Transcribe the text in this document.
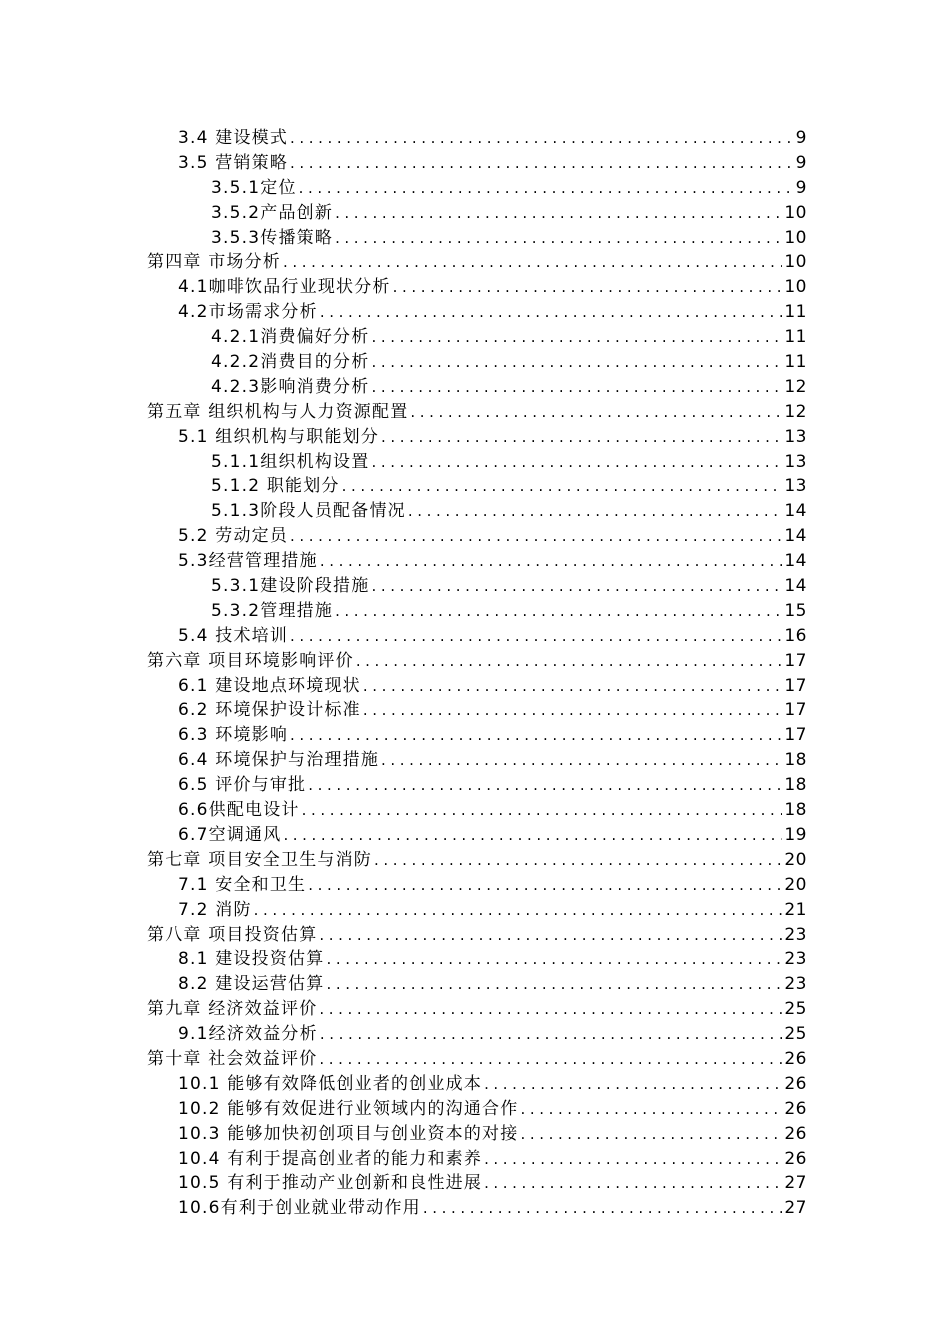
3.4 建设模式 .....	9
3.5 营销策略 .....	9
3.5.1定位 .....	9
3.5.2产品创新 .....	10
3.5.3传播策略 .....	10
第四章 市场分析 .....	10
4.1咖啡饮品行业现状分析 .....	10
4.2市场需求分析 .....	11
4.2.1消费偏好分析 .....	11
4.2.2消费目的分析 .....	11
4.2.3影响消费分析 .....	12
第五章 组织机构与人力资源配置 .....	12
5.1 组织机构与职能划分 .....	13
5.1.1组织机构设置 .....	13
5.1.2 职能划分 .....	13
5.1.3阶段人员配备情况 .....	14
5.2 劳动定员 .....	14
5.3经营管理措施 .....	14
5.3.1建设阶段措施 .....	14
5.3.2管理措施 .....	15
5.4 技术培训 .....	16
第六章 项目环境影响评价 .....	17
6.1 建设地点环境现状 .....	17
6.2 环境保护设计标准 .....	17
6.3 环境影响 .....	17
6.4 环境保护与治理措施 .....	18
6.5 评价与审批 .....	18
6.6供配电设计 .....	18
6.7空调通风 .....	19
第七章 项目安全卫生与消防 .....	20
7.1 安全和卫生 .....	20
7.2 消防 .....	21
第八章 项目投资估算 .....	23
8.1 建设投资估算 .....	23
8.2 建设运营估算 .....	23
第九章 经济效益评价 .....	25
9.1经济效益分析 .....	25
第十章 社会效益评价 .....	26
10.1 能够有效降低创业者的创业成本 .....	26
10.2 能够有效促进行业领域内的沟通合作 .....	26
10.3 能够加快初创项目与创业资本的对接 .....	26
10.4 有利于提高创业者的能力和素养 .....	26
10.5 有利于推动产业创新和良性进展 .....	27
10.6有利于创业就业带动作用 .....	27
